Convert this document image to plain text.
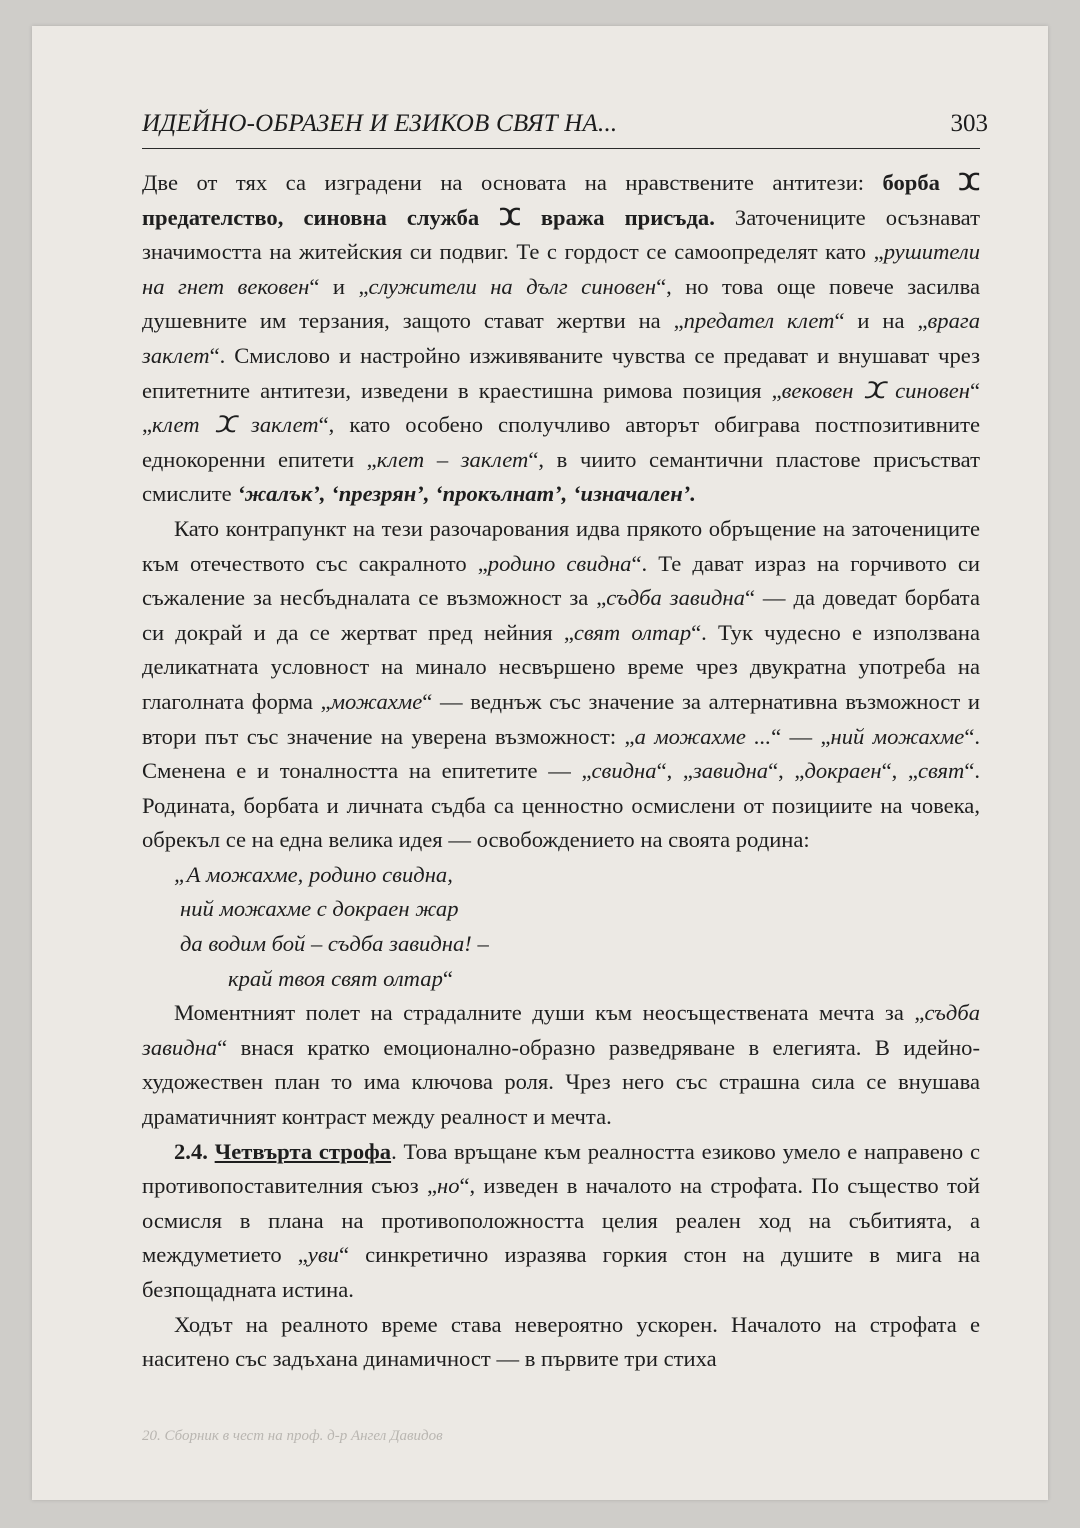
ИДЕЙНО-ОБРАЗЕН И ЕЗИКОВ СВЯТ НА...	303

Две от тях са изградени на основата на нравствените антитези: борба ⵋ предателство, синовна служба ⵋ вража присъда. Заточениците осъзнават значимостта на житейския си подвиг. Те с гордост се самоопределят като „рушители на гнет вековен“ и „служители на дълг синовен“, но това още повече засилва душевните им терзания, защото стават жертви на „предател клет“ и на „врага заклет“. Смислово и настройно изживяваните чувства се предават и внушават чрез епитетните антитези, изведени в краестишна римова позиция „вековен ⵋ синовен“ „клет ⵋ заклет“, като особено сполучливо авторът обиграва постпозитивните еднокоренни епитети „клет – заклет“, в чиито семантични пластове присъстват смислите ‘жалък’, ‘презрян’, ‘прокълнат’, ‘изначален’.

Като контрапункт на тези разочарования идва прякото обръщение на заточениците към отечеството със сакралното „родино свидна“. Те дават израз на горчивото си съжаление за несбъдналата се възможност за „съдба завидна“ — да доведат борбата си докрай и да се жертват пред нейния „свят олтар“. Тук чудесно е използвана деликатната условност на минало несвършено време чрез двукратна употреба на глаголната форма „можахме“ — веднъж със значение за алтернативна възможност и втори път със значение на уверена възможност: „а можахме ...“ — „ний можахме“. Сменена е и тоналността на епитетите — „свидна“, „завидна“, „докраен“, „свят“. Родината, борбата и личната съдба са ценностно осмислени от позициите на човека, обрекъл се на една велика идея — освобождението на своята родина:

„А можахме, родино свидна,
ний можахме с докраен жар
да водим бой – съдба завидна! –
край твоя свят олтар“

Моментният полет на страдалните души към неосъществената мечта за „съдба завидна“ внася кратко емоционално-образно разведряване в елегията. В идейно-художествен план то има ключова роля. Чрез него със страшна сила се внушава драматичният контраст между реалност и мечта.

2.4. Четвърта строфа. Това връщане към реалността езиково умело е направено с противопоставителния съюз „но“, изведен в началото на строфата. По същество той осмисля в плана на противоположността целия реален ход на събитията, а междуметието „уви“ синкретично изразява горкия стон на душите в мига на безпощадната истина.

Ходът на реалното време става невероятно ускорен. Началото на строфата е наситено със задъхана динамичност — в първите три стиха

20. Сборник в чест на проф. д-р Ангел Давидов
